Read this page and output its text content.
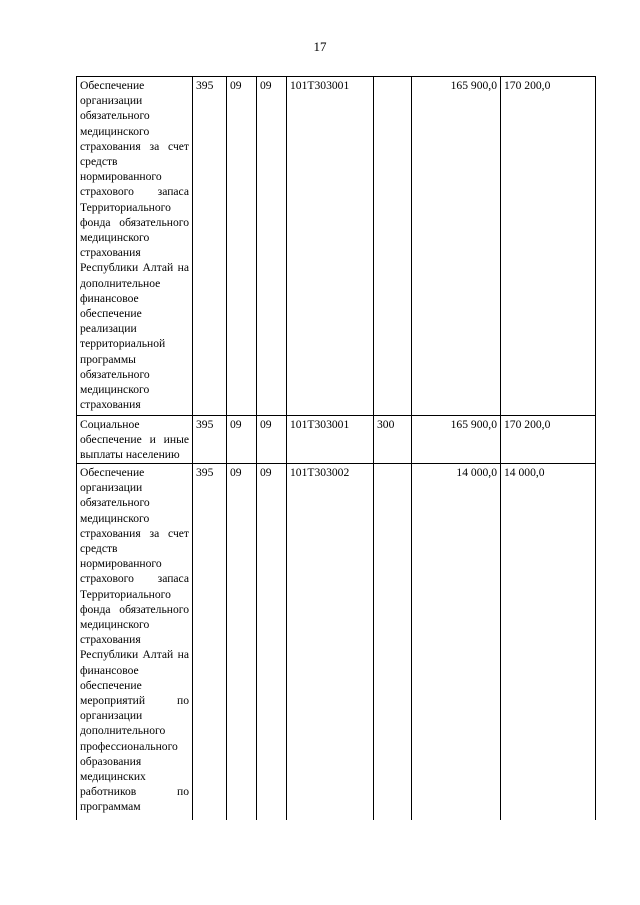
17
Обеспечение организации обязательного медицинского страхования за счет средств нормированного страхового запаса Территориального фонда обязательного медицинского страхования Республики Алтай на дополнительное финансовое обеспечение реализации территориальной программы обязательного медицинского страхования	395	09	09	101Т303001		165 900,0	170 200,0
Социальное обеспечение и иные выплаты населению	395	09	09	101Т303001	300	165 900,0	170 200,0
Обеспечение организации обязательного медицинского страхования за счет средств нормированного страхового запаса Территориального фонда обязательного медицинского страхования Республики Алтай на финансовое обеспечение мероприятий по организации дополнительного профессионального образования медицинских работников по программам	395	09	09	101Т303002		14 000,0	14 000,0
